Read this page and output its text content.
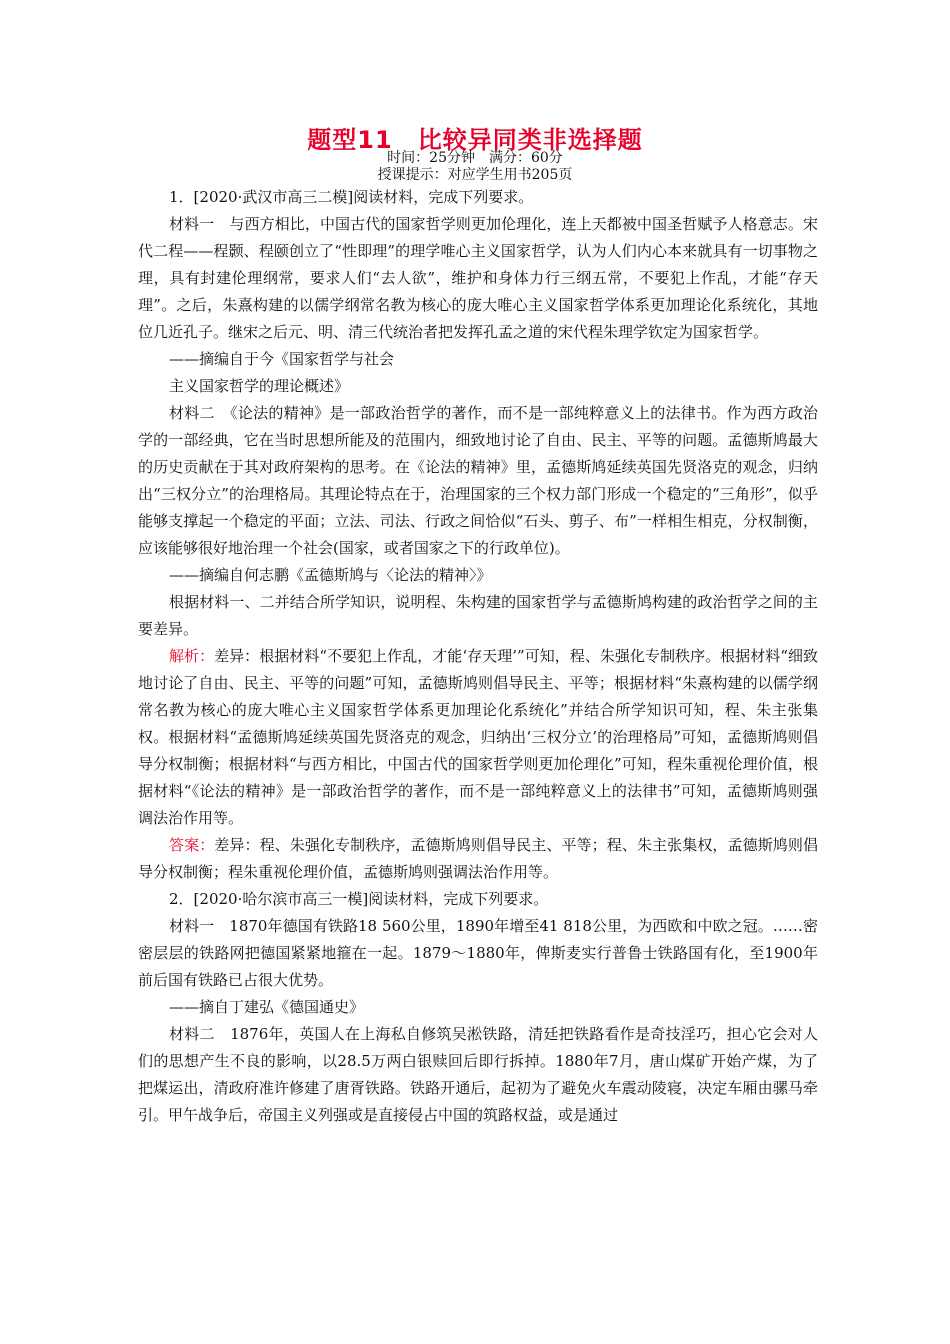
题型11　比较异同类非选择题
时间：25分钟　满分：60分
授课提示：对应学生用书205页

1．[2020·武汉市高三二模]阅读材料，完成下列要求。

材料一　与西方相比，中国古代的国家哲学则更加伦理化，连上天都被中国圣哲赋予人格意志。宋代二程——程颢、程颐创立了“性即理”的理学唯心主义国家哲学，认为人们内心本来就具有一切事物之理，具有封建伦理纲常，要求人们“去人欲”，维护和身体力行三纲五常，不要犯上作乱，才能“存天理”。之后，朱熹构建的以儒学纲常名教为核心的庞大唯心主义国家哲学体系更加理论化系统化，其地位几近孔子。继宋之后元、明、清三代统治者把发挥孔孟之道的宋代程朱理学钦定为国家哲学。

——摘编自于今《国家哲学与社会

主义国家哲学的理论概述》

材料二　《论法的精神》是一部政治哲学的著作，而不是一部纯粹意义上的法律书。作为西方政治学的一部经典，它在当时思想所能及的范围内，细致地讨论了自由、民主、平等的问题。孟德斯鸠最大的历史贡献在于其对政府架构的思考。在《论法的精神》里，孟德斯鸠延续英国先贤洛克的观念，归纳出“三权分立”的治理格局。其理论特点在于，治理国家的三个权力部门形成一个稳定的“三角形”，似乎能够支撑起一个稳定的平面；立法、司法、行政之间恰似“石头、剪子、布”一样相生相克，分权制衡，应该能够很好地治理一个社会(国家，或者国家之下的行政单位)。

——摘编自何志鹏《孟德斯鸠与〈论法的精神〉》

根据材料一、二并结合所学知识，说明程、朱构建的国家哲学与孟德斯鸠构建的政治哲学之间的主要差异。

解析：差异：根据材料“不要犯上作乱，才能‘存天理’”可知，程、朱强化专制秩序。根据材料“细致地讨论了自由、民主、平等的问题”可知，孟德斯鸠则倡导民主、平等；根据材料“朱熹构建的以儒学纲常名教为核心的庞大唯心主义国家哲学体系更加理论化系统化”并结合所学知识可知，程、朱主张集权。根据材料“孟德斯鸠延续英国先贤洛克的观念，归纳出‘三权分立’的治理格局”可知，孟德斯鸠则倡导分权制衡；根据材料“与西方相比，中国古代的国家哲学则更加伦理化”可知，程朱重视伦理价值，根据材料“《论法的精神》是一部政治哲学的著作，而不是一部纯粹意义上的法律书”可知，孟德斯鸠则强调法治作用等。

答案：差异：程、朱强化专制秩序，孟德斯鸠则倡导民主、平等；程、朱主张集权，孟德斯鸠则倡导分权制衡；程朱重视伦理价值，孟德斯鸠则强调法治作用等。

2．[2020·哈尔滨市高三一模]阅读材料，完成下列要求。

材料一　1870年德国有铁路18 560公里，1890年增至41 818公里，为西欧和中欧之冠。……密密层层的铁路网把德国紧紧地箍在一起。1879～1880年，俾斯麦实行普鲁士铁路国有化，至1900年前后国有铁路已占很大优势。

——摘自丁建弘《德国通史》

材料二　1876年，英国人在上海私自修筑吴淞铁路，清廷把铁路看作是奇技淫巧，担心它会对人们的思想产生不良的影响，以28.5万两白银赎回后即行拆掉。1880年7月，唐山煤矿开始产煤，为了把煤运出，清政府准许修建了唐胥铁路。铁路开通后，起初为了避免火车震动陵寝，决定车厢由骡马牵引。甲午战争后，帝国主义列强或是直接侵占中国的筑路权益，或是通过
